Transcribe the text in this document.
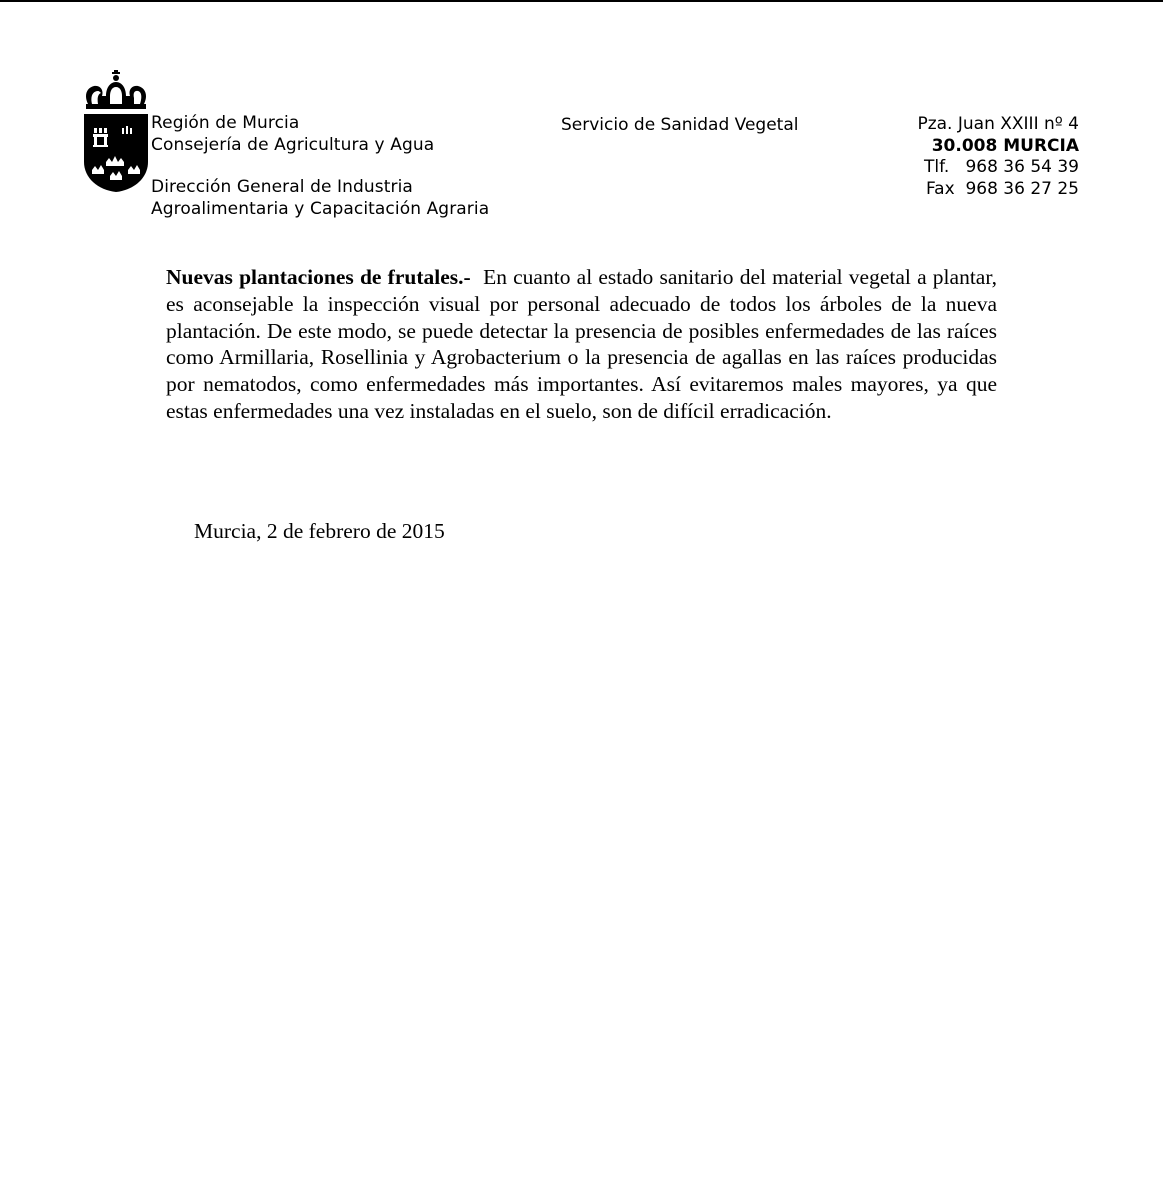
Región de Murcia
Consejería de Agricultura y Agua
Dirección General de Industria
Agroalimentaria y Capacitación Agraria
Servicio de Sanidad Vegetal	Pza. Juan XXIII nº 4
30.008 MURCIA
Tlf.   968 36 54 39
Fax  968 36 27 25
Nuevas plantaciones de frutales.- En cuanto al estado sanitario del material vegetal a plantar, es aconsejable la inspección visual por personal adecuado de todos los árboles de la nueva plantación. De este modo, se puede detectar la presencia de posibles enfermedades de las raíces como Armillaria, Rosellinia y Agrobacterium o la presencia de agallas en las raíces producidas por nematodos, como enfermedades más importantes. Así evitaremos males mayores, ya que estas enfermedades una vez instaladas en el suelo, son de difícil erradicación.
Murcia, 2 de febrero de 2015
